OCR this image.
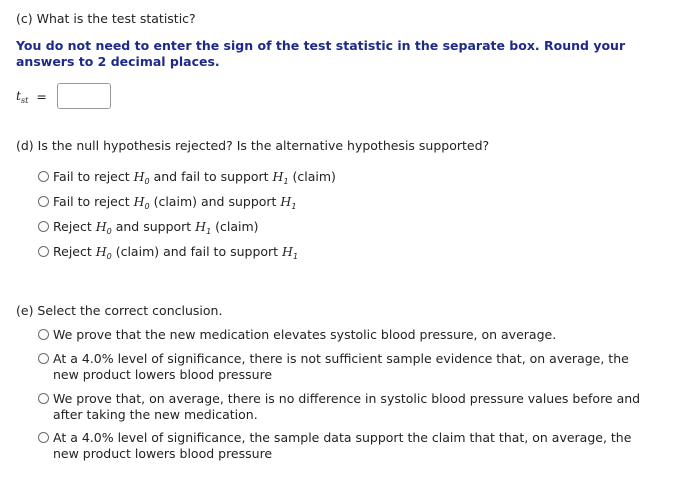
(c) What is the test statistic?
You do not need to enter the sign of the test statistic in the separate box. Round your answers to 2 decimal places.
$t_{st}$ =
(d) Is the null hypothesis rejected? Is the alternative hypothesis supported?
Fail to reject $H_0$ and fail to support $H_1$ (claim)
Fail to reject $H_0$ (claim) and support $H_1$
Reject $H_0$ and support $H_1$ (claim)
Reject $H_0$ (claim) and fail to support $H_1$
(e) Select the correct conclusion.
We prove that the new medication elevates systolic blood pressure, on average.
At a 4.0% level of significance, there is not sufficient sample evidence that, on average, the new product lowers blood pressure
We prove that, on average, there is no difference in systolic blood pressure values before and after taking the new medication.
At a 4.0% level of significance, the sample data support the claim that that, on average, the new product lowers blood pressure
